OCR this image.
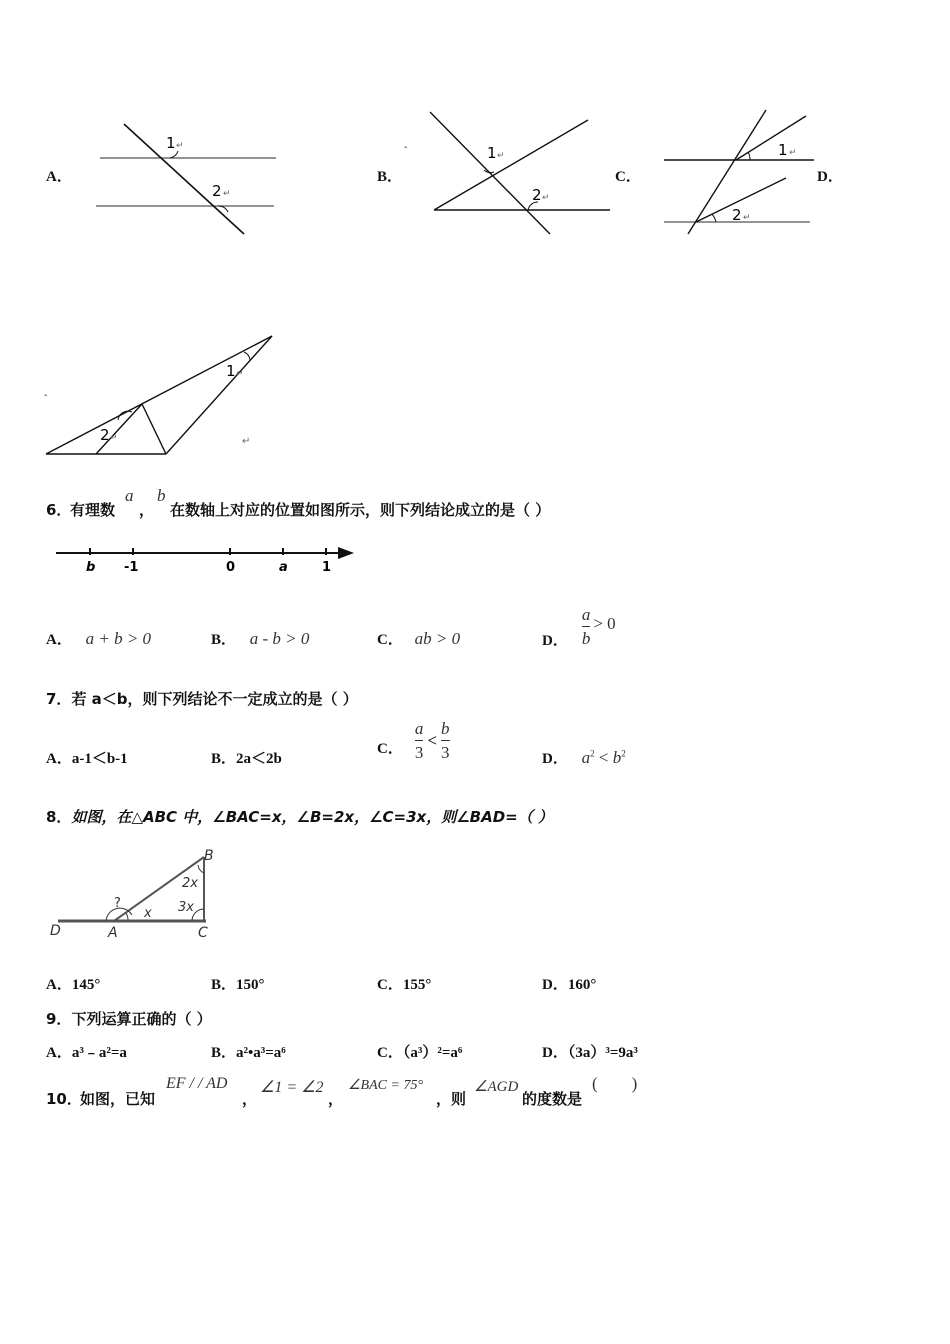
A．
1 ↵
2 ↵
B．
-	1 ↵
2 ↵
C．
1 ↵
2 ↵
D．
-
1 ↵
2 ↵	↵
6．
有理数
a
，
b
在数轴上对应的位置如图所示，则下列结论成立的是（ ）
b -1	0	a	1
A． a + b > 0	B． a - b > 0	C． ab > 0	D． $\frac{a}{b} > 0$
7．若 a＜b，则下列结论不一定成立的是（ ）
A．a-1＜b-1	B．2a＜2b
C． $\frac{a}{3} < \frac{b}{3}$	D． $a^2 < b^2$
8．如图，在△ABC 中，∠BAC=x，∠B=2x，∠C=3x，则∠BAD=（ ）
B
D	A	C
?
x
2x
3x
A．145°	B．150°	C．155°	D．160°
9．下列运算正确的（ ）
A．a³﹣a²=a	B．a²•a³=a⁶	C．（a³）²=a⁶	D．（3a）³=9a³
10．
如图，已知
EF / / AD
，
∠1 = ∠2
，
∠BAC = 75°
，则
∠AGD
的度数是
(        )
